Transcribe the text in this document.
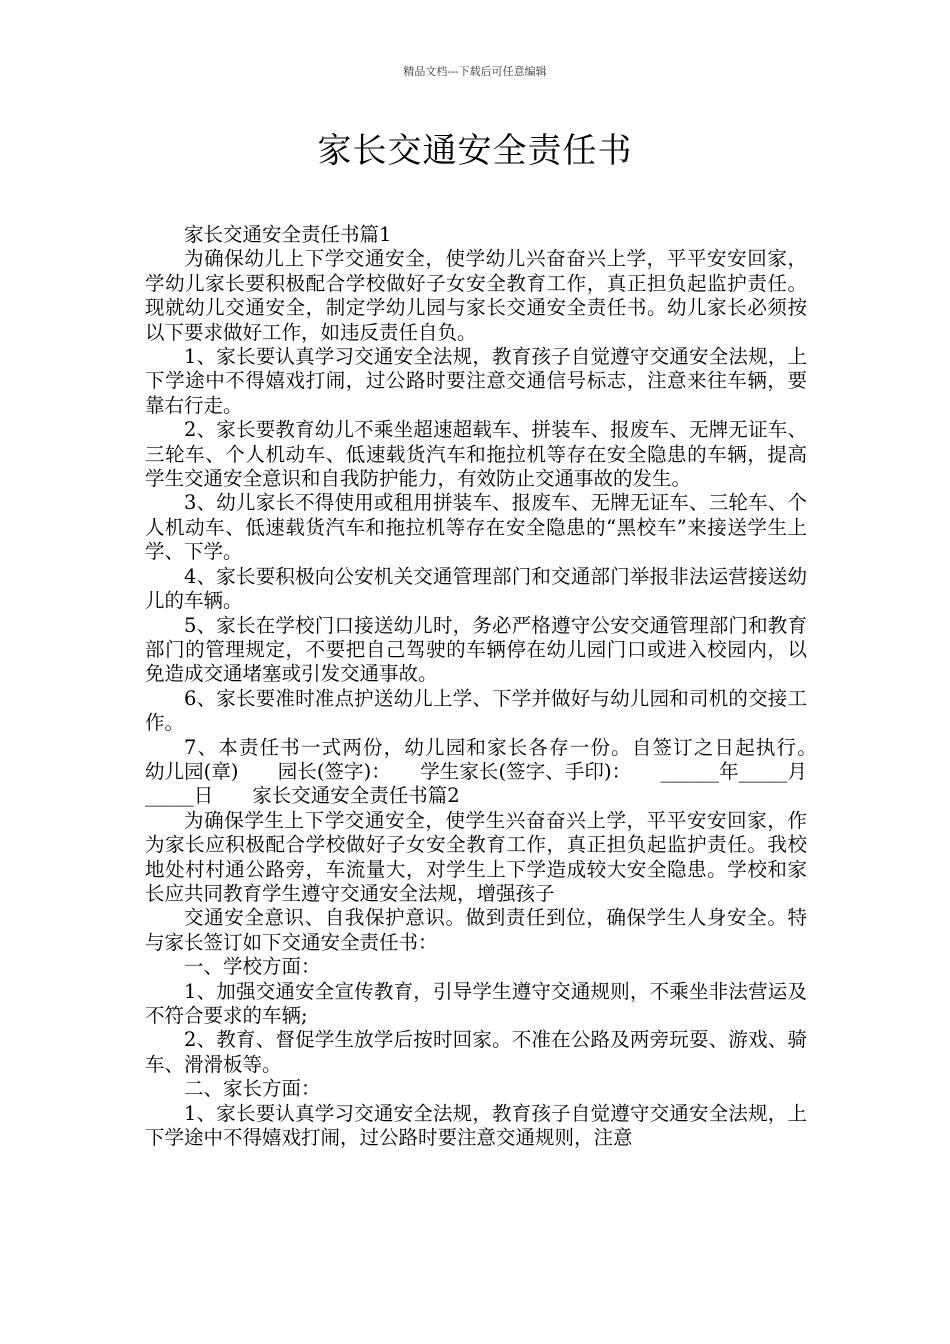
精品文档---下载后可任意编辑
家长交通安全责任书

家长交通安全责任书篇1

为确保幼儿上下学交通安全，使学幼儿兴奋奋兴上学，平平安安回家，学幼儿家长要积极配合学校做好子女安全教育工作，真正担负起监护责任。现就幼儿交通安全，制定学幼儿园与家长交通安全责任书。幼儿家长必须按以下要求做好工作，如违反责任自负。

1、家长要认真学习交通安全法规，教育孩子自觉遵守交通安全法规，上下学途中不得嬉戏打闹，过公路时要注意交通信号标志，注意来往车辆，要靠右行走。

2、家长要教育幼儿不乘坐超速超载车、拼装车、报废车、无牌无证车、三轮车、个人机动车、低速载货汽车和拖拉机等存在安全隐患的车辆，提高学生交通安全意识和自我防护能力，有效防止交通事故的发生。

3、幼儿家长不得使用或租用拼装车、报废车、无牌无证车、三轮车、个人机动车、低速载货汽车和拖拉机等存在安全隐患的“黑校车”来接送学生上学、下学。

4、家长要积极向公安机关交通管理部门和交通部门举报非法运营接送幼儿的车辆。

5、家长在学校门口接送幼儿时，务必严格遵守公安交通管理部门和教育部门的管理规定，不要把自己驾驶的车辆停在幼儿园门口或进入校园内，以免造成交通堵塞或引发交通事故。

6、家长要准时准点护送幼儿上学、下学并做好与幼儿园和司机的交接工作。

7、本责任书一式两份，幼儿园和家长各存一份。自签订之日起执行。　　幼儿园(章)　　园长(签字)：　　学生家长(签字、手印)：　　______年_____月_____日　　家长交通安全责任书篇2

为确保学生上下学交通安全，使学生兴奋奋兴上学，平平安安回家，作为家长应积极配合学校做好子女安全教育工作，真正担负起监护责任。我校地处村村通公路旁，车流量大，对学生上下学造成较大安全隐患。学校和家长应共同教育学生遵守交通安全法规，增强孩子

交通安全意识、自我保护意识。做到责任到位，确保学生人身安全。特与家长签订如下交通安全责任书：

一、学校方面：

1、加强交通安全宣传教育，引导学生遵守交通规则，不乘坐非法营运及不符合要求的车辆;

2、教育、督促学生放学后按时回家。不准在公路及两旁玩耍、游戏、骑车、滑滑板等。

二、家长方面：

1、家长要认真学习交通安全法规，教育孩子自觉遵守交通安全法规，上下学途中不得嬉戏打闹，过公路时要注意交通规则，注意
